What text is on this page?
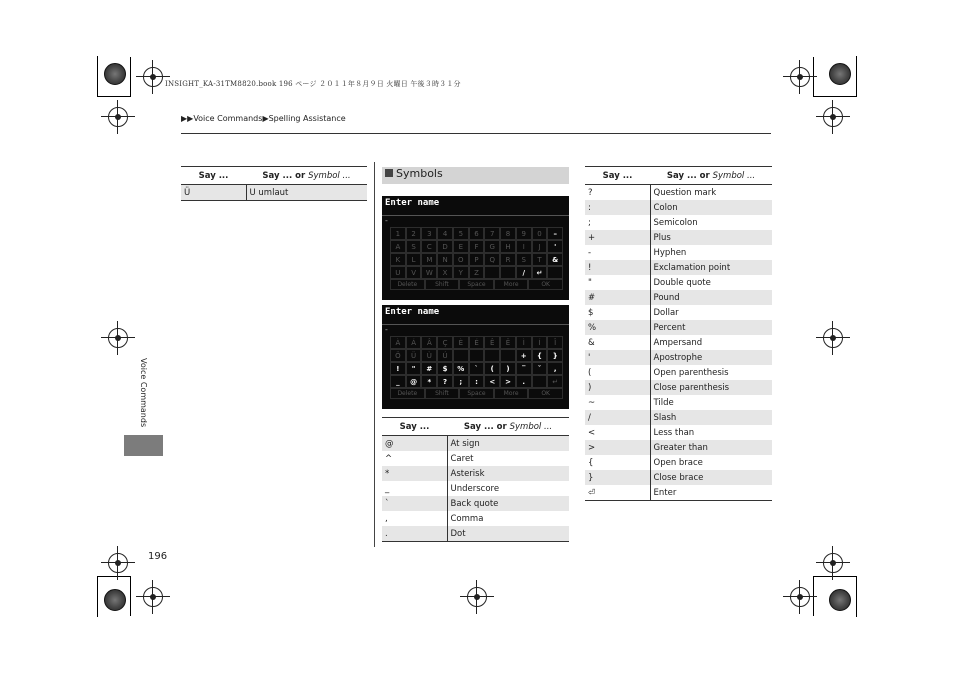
INSIGHT_KA-31TM8820.book 196 ページ ２０１１年８月９日 火曜日 午後３時３１分
▶▶Voice Commands▶Spelling Assistance
Voice Commands
196
Say ...	Say ... or Symbol ...
Ü	U umlaut
Symbols
Enter name
-
1	2	3	4	5	6	7	8	9	0	–
A	S	C	D	E	F	G	H	I	J	'
K	L	M	N	O	P	Q	R	S	T	&
U	V	W	X	Y	Z	/	↵
Delete	Shift	Space	More	OK
Enter name
-
À	Á	Â	Ç	È	É	Ê	Ë	Ì	Í	Î
Ö	Ü	Ù	Ú	+	{	}
!	"	#	$	%	`	(	)	‾	ˇ	,
_	@	*	?	;	:	<	>	.	↵
Delete	Shift	Space	More	OK
Say ...	Say ... or Symbol ...
@	At sign
^	Caret
*	Asterisk
_	Underscore
`	Back quote
,	Comma
.	Dot
Say ...	Say ... or Symbol ...
?	Question mark
:	Colon
;	Semicolon
+	Plus
-	Hyphen
!	Exclamation point
"	Double quote
#	Pound
$	Dollar
%	Percent
&	Ampersand
'	Apostrophe
(	Open parenthesis
)	Close parenthesis
~	Tilde
/	Slash
<	Less than
>	Greater than
{	Open brace
}	Close brace
⏎	Enter
